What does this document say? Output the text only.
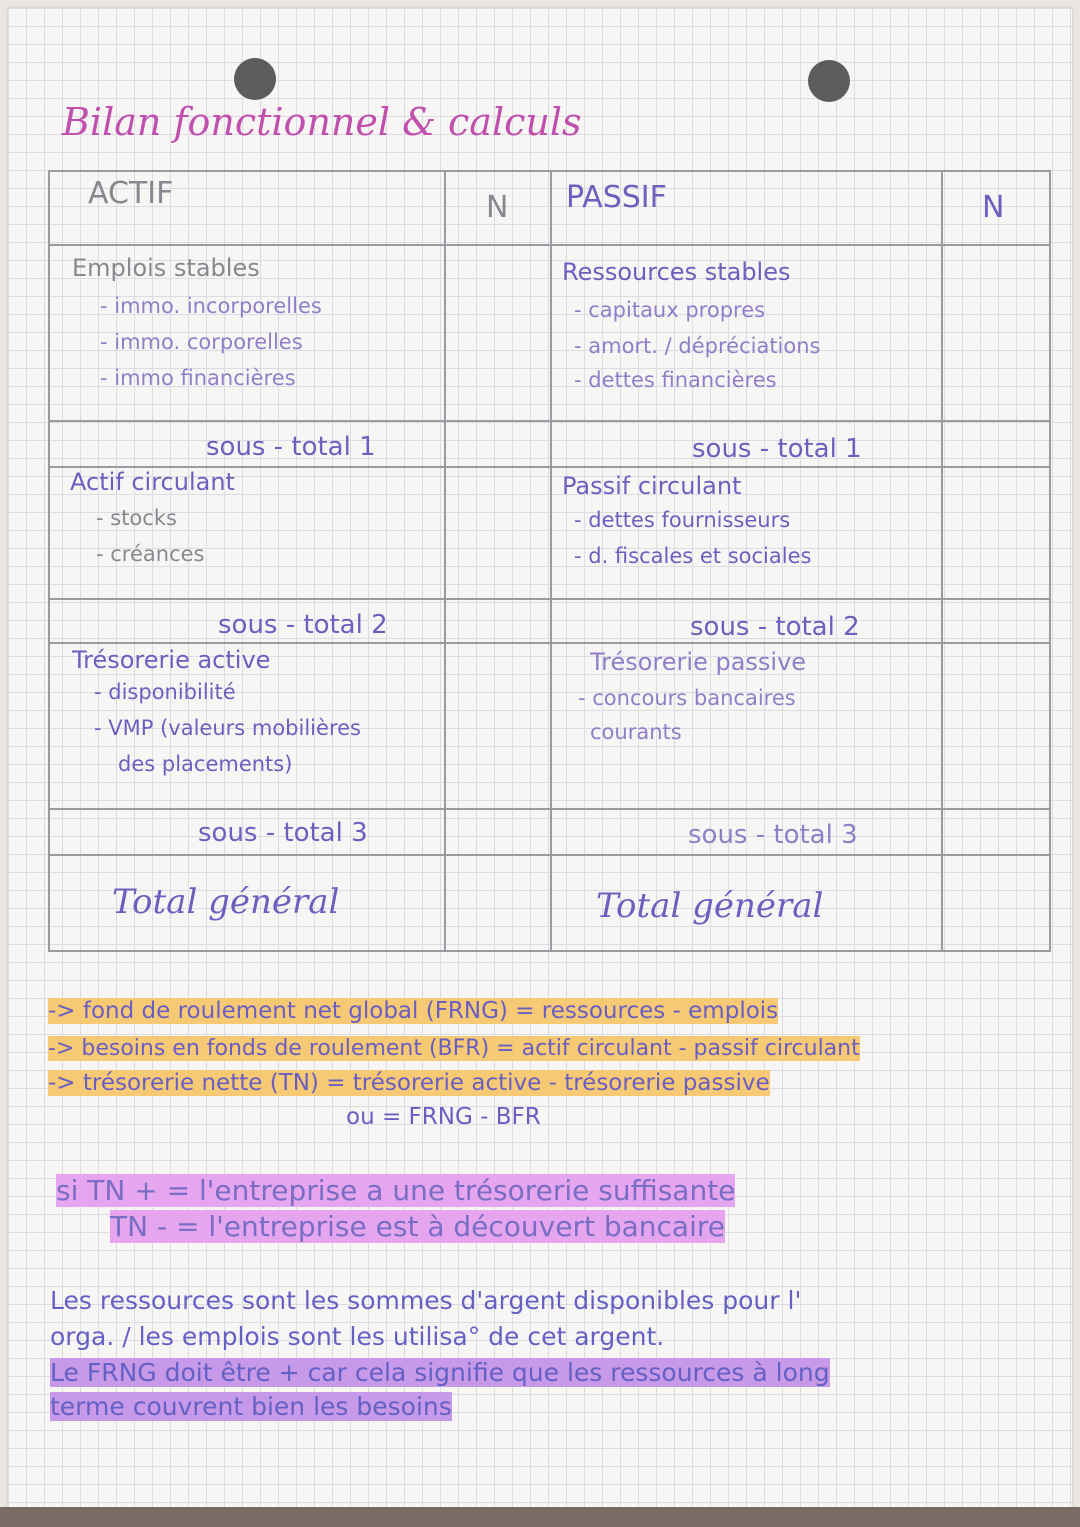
Bilan fonctionnel & calculs
ACTIF	N PASSIF	N
Emplois stables
- immo. incorporelles
- immo. corporelles
- immo financières
sous - total 1
Actif circulant
- stocks
- créances
sous - total 2
Trésorerie active
- disponibilité
- VMP (valeurs mobilières
des placements)
sous - total 3
Total général
Ressources stables
- capitaux propres
- amort. / dépréciations
- dettes financières
sous - total 1
Passif circulant
- dettes fournisseurs
- d. fiscales et sociales
sous - total 2
Trésorerie passive
- concours bancaires
courants
sous - total 3
Total général
-> fond de roulement net global (FRNG) = ressources - emplois
-> besoins en fonds de roulement (BFR) = actif circulant - passif circulant
-> trésorerie nette (TN) = trésorerie active - trésorerie passive
ou = FRNG - BFR
si TN + = l'entreprise a une trésorerie suffisante
TN - = l'entreprise est à découvert bancaire
Les ressources sont les sommes d'argent disponibles pour l'
orga. / les emplois sont les utilisa° de cet argent.
Le FRNG doit être + car cela signifie que les ressources à long
terme couvrent bien les besoins
